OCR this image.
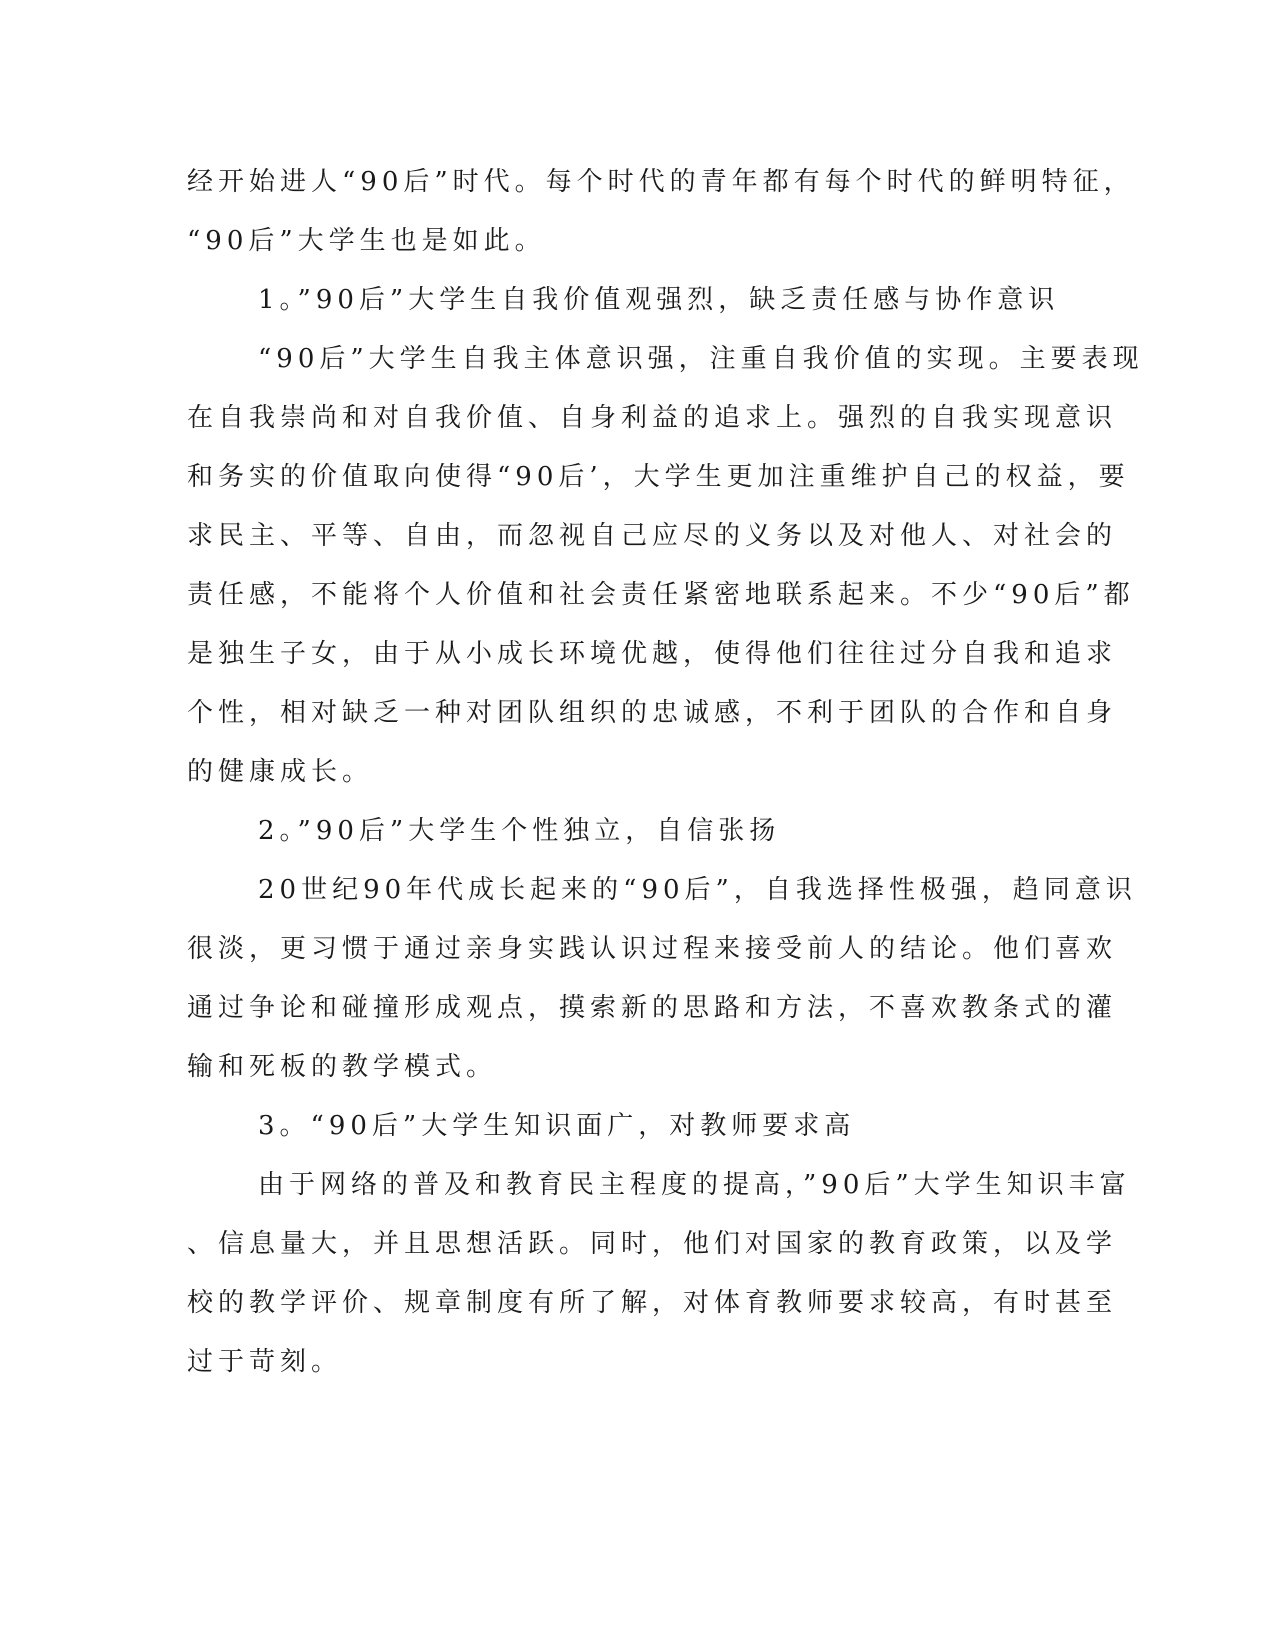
经开始进人“90后”时代。每个时代的青年都有每个时代的鲜明特征，
“90后”大学生也是如此。
1。”90后”大学生自我价值观强烈，缺乏责任感与协作意识
“90后”大学生自我主体意识强，注重自我价值的实现。主要表现
在自我崇尚和对自我价值、自身利益的追求上。强烈的自我实现意识
和务实的价值取向使得“90后’，大学生更加注重维护自己的权益，要
求民主、平等、自由，而忽视自己应尽的义务以及对他人、对社会的
责任感，不能将个人价值和社会责任紧密地联系起来。不少“90后”都
是独生子女，由于从小成长环境优越，使得他们往往过分自我和追求
个性，相对缺乏一种对团队组织的忠诚感，不利于团队的合作和自身
的健康成长。
2。”90后”大学生个性独立，自信张扬
20世纪90年代成长起来的“90后”，自我选择性极强，趋同意识
很淡，更习惯于通过亲身实践认识过程来接受前人的结论。他们喜欢
通过争论和碰撞形成观点，摸索新的思路和方法，不喜欢教条式的灌
输和死板的教学模式。
3。“90后”大学生知识面广，对教师要求高
由于网络的普及和教育民主程度的提高，”90后”大学生知识丰富
、信息量大，并且思想活跃。同时，他们对国家的教育政策，以及学
校的教学评价、规章制度有所了解，对体育教师要求较高，有时甚至
过于苛刻。
